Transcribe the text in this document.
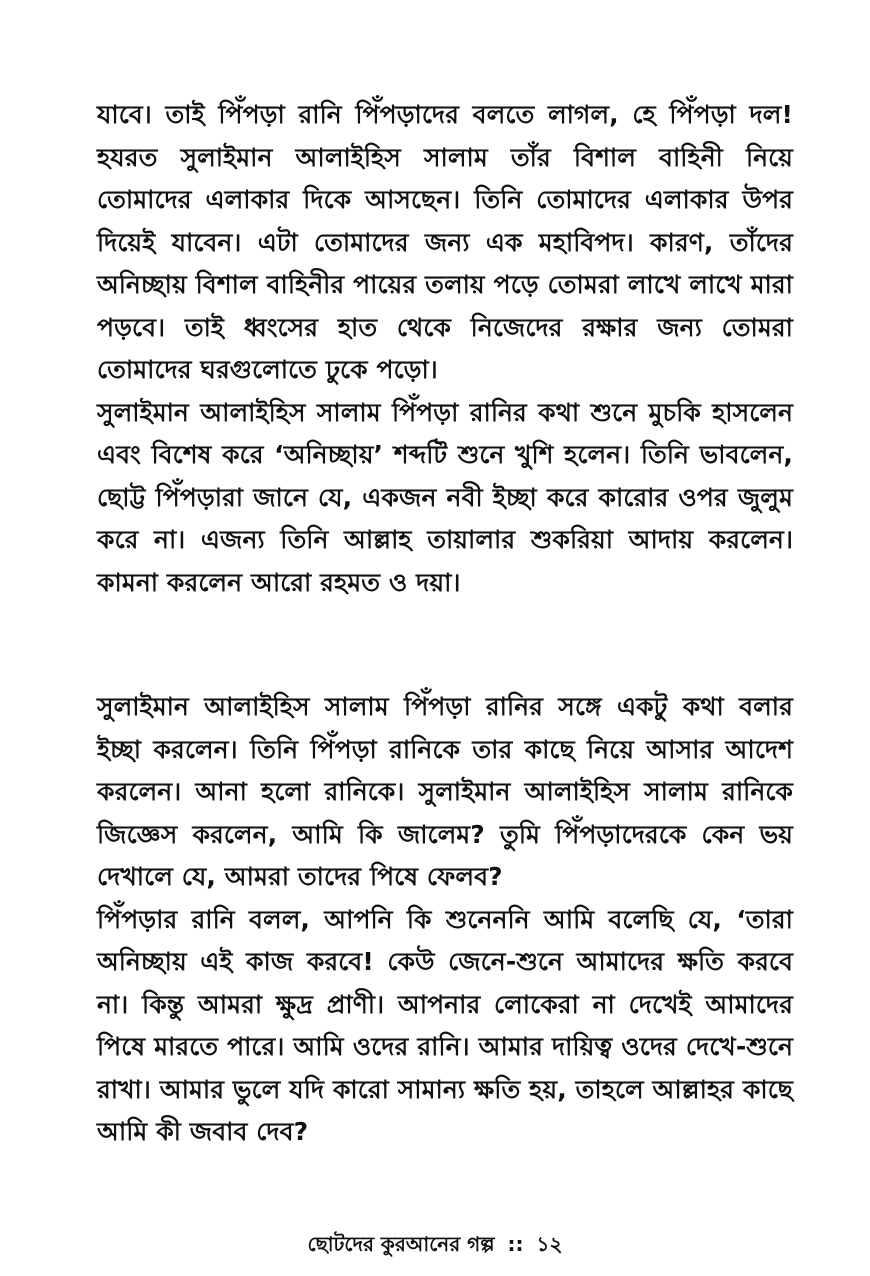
যাবে। তাই পিঁপড়া রানি পিঁপড়াদের বলতে লাগল, হে পিঁপড়া দল! হযরত সুলাইমান আলাইহিস সালাম তাঁর বিশাল বাহিনী নিয়ে তোমাদের এলাকার দিকে আসছেন। তিনি তোমাদের এলাকার উপর দিয়েই যাবেন। এটা তোমাদের জন্য এক মহাবিপদ। কারণ, তাঁদের অনিচ্ছায় বিশাল বাহিনীর পায়ের তলায় পড়ে তোমরা লাখে লাখে মারা পড়বে। তাই ধ্বংসের হাত থেকে নিজেদের রক্ষার জন্য তোমরা তোমাদের ঘরগুলোতে ঢুকে পড়ো।

সুলাইমান আলাইহিস সালাম পিঁপড়া রানির কথা শুনে মুচকি হাসলেন এবং বিশেষ করে ‘অনিচ্ছায়’ শব্দটি শুনে খুশি হলেন। তিনি ভাবলেন, ছোট্ট পিঁপড়ারা জানে যে, একজন নবী ইচ্ছা করে কারোর ওপর জুলুম করে না। এজন্য তিনি আল্লাহ তায়ালার শুকরিয়া আদায় করলেন। কামনা করলেন আরো রহমত ও দয়া।

সুলাইমান আলাইহিস সালাম পিঁপড়া রানির সঙ্গে একটু কথা বলার ইচ্ছা করলেন। তিনি পিঁপড়া রানিকে তার কাছে নিয়ে আসার আদেশ করলেন। আনা হলো রানিকে। সুলাইমান আলাইহিস সালাম রানিকে জিজ্ঞেস করলেন, আমি কি জালেম? তুমি পিঁপড়াদেরকে কেন ভয় দেখালে যে, আমরা তাদের পিষে ফেলব?

পিঁপড়ার রানি বলল, আপনি কি শুনেননি আমি বলেছি যে, ‘তারা অনিচ্ছায় এই কাজ করবে! কেউ জেনে-শুনে আমাদের ক্ষতি করবে না। কিন্তু আমরা ক্ষুদ্র প্রাণী। আপনার লোকেরা না দেখেই আমাদের পিষে মারতে পারে। আমি ওদের রানি। আমার দায়িত্ব ওদের দেখে-শুনে রাখা। আমার ভুলে যদি কারো সামান্য ক্ষতি হয়, তাহলে আল্লাহর কাছে আমি কী জবাব দেব?

ছোটদের কুরআনের গল্প :: ১২
